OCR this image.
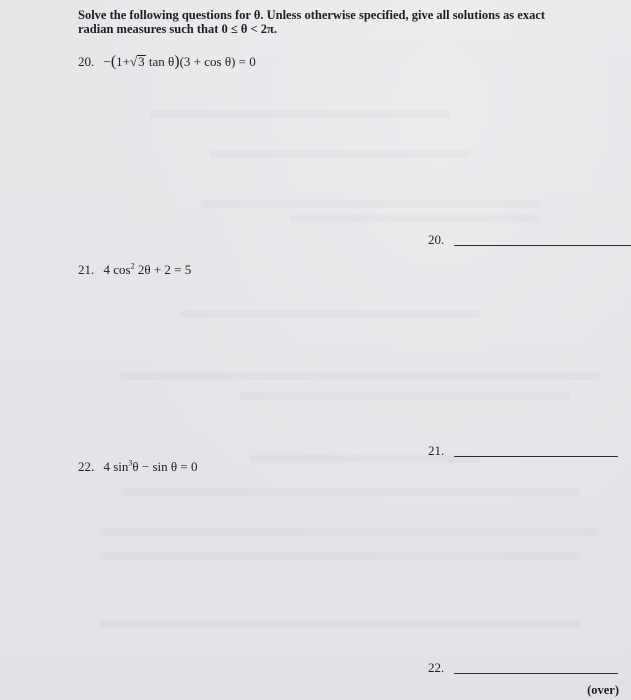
Solve the following questions for θ. Unless otherwise specified, give all solutions as exact
radian measures such that 0 ≤ θ < 2π.
20. −(1+√3 tan θ)(3 + cos θ) = 0
20.
21. 4 $\cos^2 2\theta + 2 = 5$
21.
22. 4 $\sin^3\theta - \sin \theta = 0$
22.
(over)
